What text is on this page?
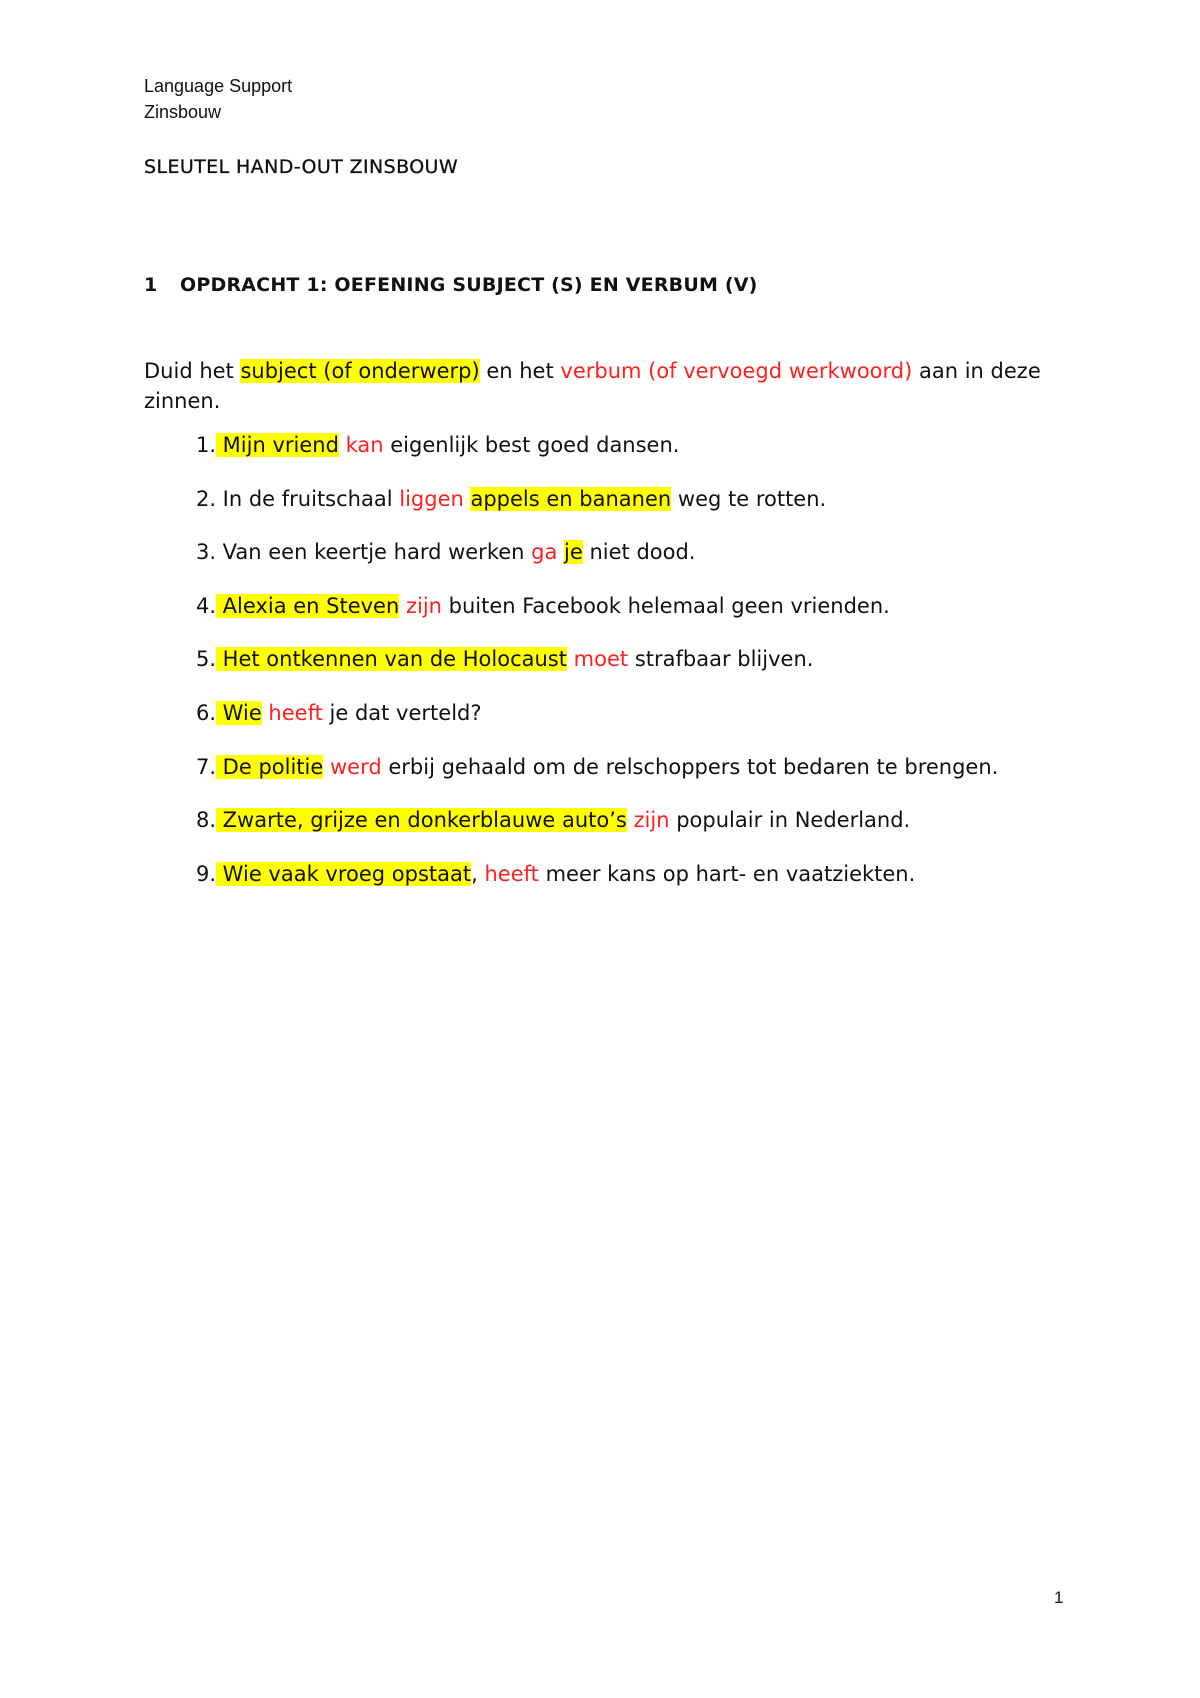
Language Support
Zinsbouw
SLEUTEL HAND-OUT ZINSBOUW
1 OPDRACHT 1: OEFENING SUBJECT (S) EN VERBUM (V)
Duid het subject (of onderwerp) en het verbum (of vervoegd werkwoord) aan in deze zinnen.
1. Mijn vriend kan eigenlijk best goed dansen.
2. In de fruitschaal liggen appels en bananen weg te rotten.
3. Van een keertje hard werken ga je niet dood.
4. Alexia en Steven zijn buiten Facebook helemaal geen vrienden.
5. Het ontkennen van de Holocaust moet strafbaar blijven.
6. Wie heeft je dat verteld?
7. De politie werd erbij gehaald om de relschoppers tot bedaren te brengen.
8. Zwarte, grijze en donkerblauwe auto’s zijn populair in Nederland.
9. Wie vaak vroeg opstaat, heeft meer kans op hart- en vaatziekten.
1
